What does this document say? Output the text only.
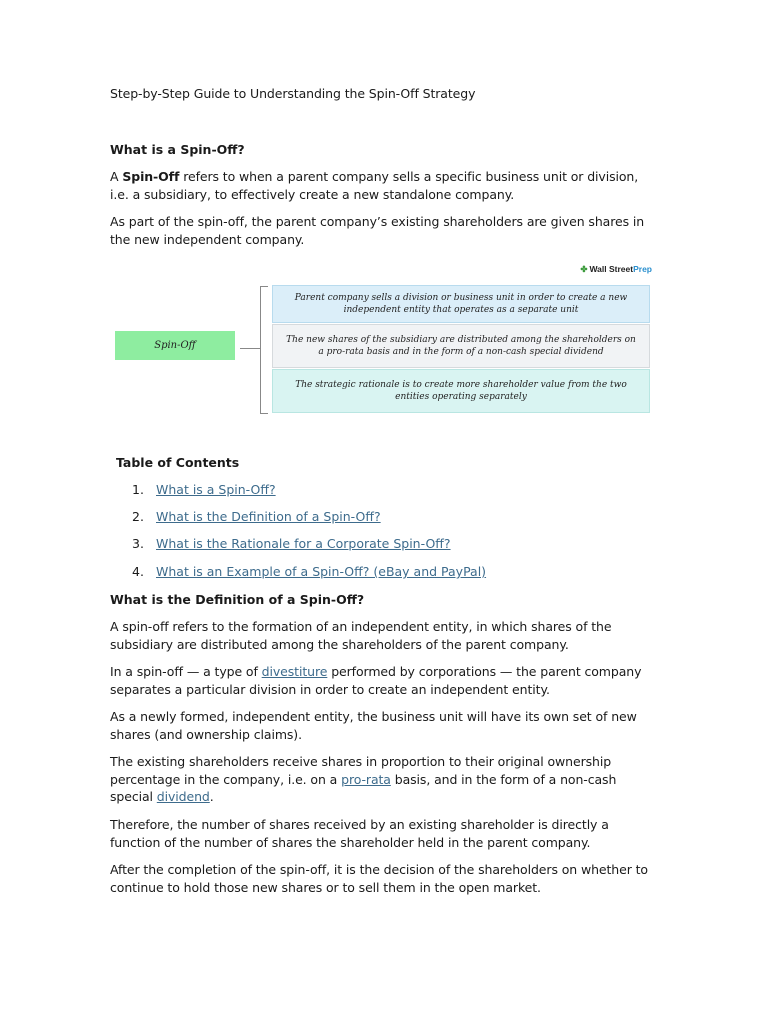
Step-by-Step Guide to Understanding the Spin-Off Strategy
What is a Spin-Off?

A Spin-Off refers to when a parent company sells a specific business unit or division, i.e. a subsidiary, to effectively create a new standalone company.

As part of the spin-off, the parent company’s existing shareholders are given shares in the new independent company.

✤ Wall StreetPrep
Spin-Off
Parent company sells a division or business unit in order to create a new independent entity that operates as a separate unit
The new shares of the subsidiary are distributed among the shareholders on a pro-rata basis and in the form of a non-cash special dividend
The strategic rationale is to create more shareholder value from the two entities operating separately
Table of Contents
1. What is a Spin-Off?
2. What is the Definition of a Spin-Off?
3. What is the Rationale for a Corporate Spin-Off?
4. What is an Example of a Spin-Off? (eBay and PayPal)
What is the Definition of a Spin-Off?

A spin-off refers to the formation of an independent entity, in which shares of the subsidiary are distributed among the shareholders of the parent company.

In a spin-off — a type of divestiture performed by corporations — the parent company separates a particular division in order to create an independent entity.

As a newly formed, independent entity, the business unit will have its own set of new shares (and ownership claims).

The existing shareholders receive shares in proportion to their original ownership percentage in the company, i.e. on a pro-rata basis, and in the form of a non-cash special dividend.

Therefore, the number of shares received by an existing shareholder is directly a function of the number of shares the shareholder held in the parent company.

After the completion of the spin-off, it is the decision of the shareholders on whether to continue to hold those new shares or to sell them in the open market.
